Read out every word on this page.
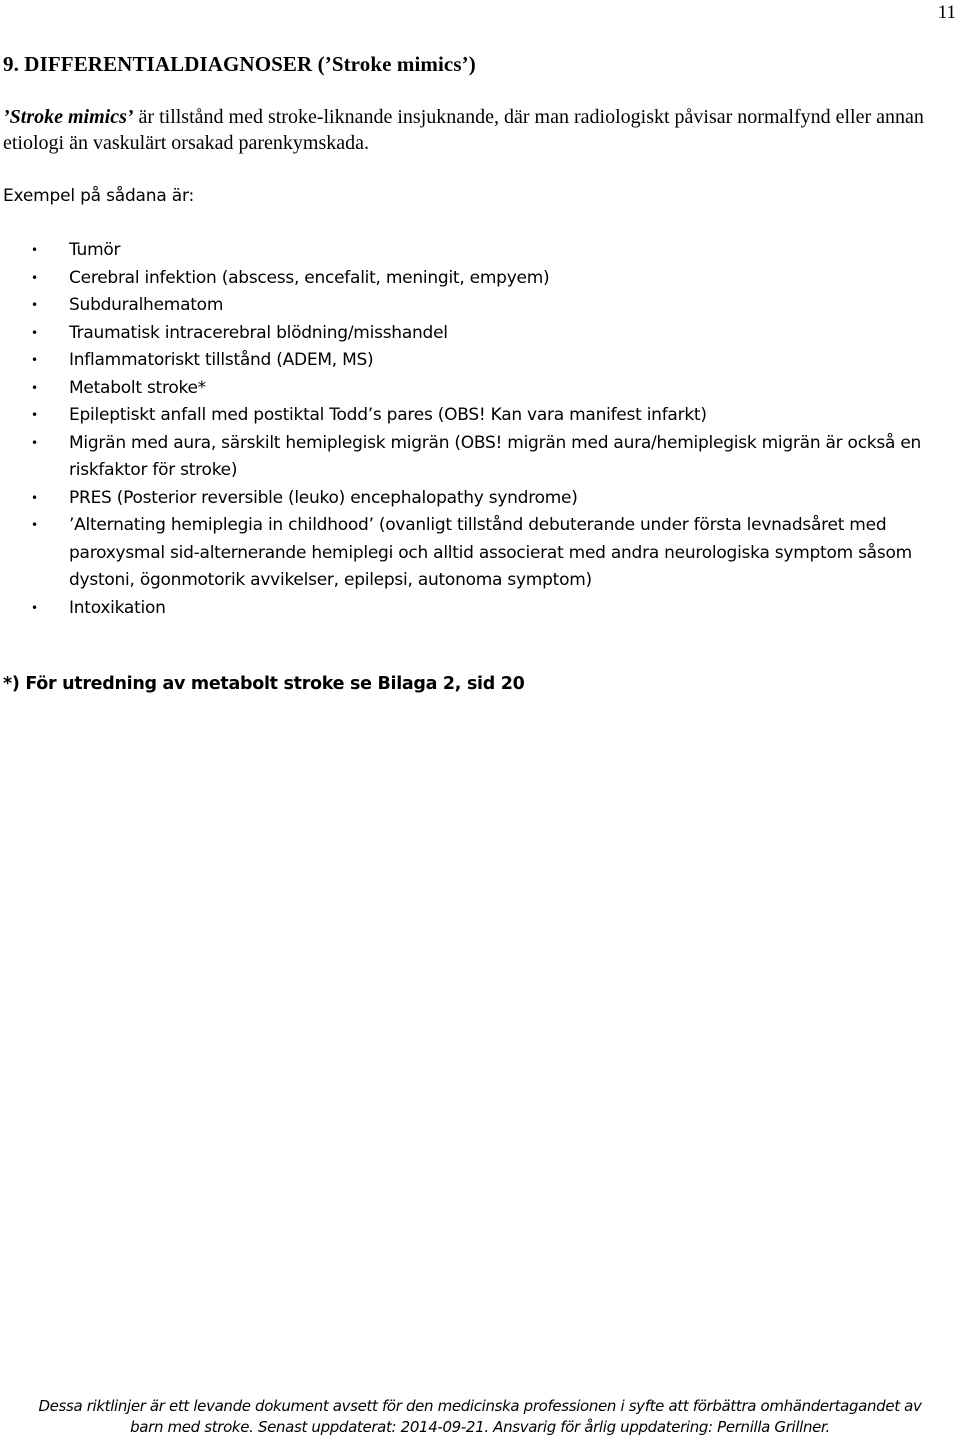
11
9. DIFFERENTIALDIAGNOSER (’Stroke mimics’)

’Stroke mimics’ är tillstånd med stroke-liknande insjuknande, där man radiologiskt påvisar normalfynd eller annan etiologi än vaskulärt orsakad parenkymskada.

Exempel på sådana är:

• Tumör
• Cerebral infektion (abscess, encefalit, meningit, empyem)
• Subduralhematom
• Traumatisk intracerebral blödning/misshandel
• Inflammatoriskt tillstånd (ADEM, MS)
• Metabolt stroke*
• Epileptiskt anfall med postiktal Todd’s pares (OBS! Kan vara manifest infarkt)
• Migrän med aura, särskilt hemiplegisk migrän (OBS! migrän med aura/hemiplegisk migrän är också en riskfaktor för stroke)
• PRES (Posterior reversible (leuko) encephalopathy syndrome)
• ’Alternating hemiplegia in childhood’ (ovanligt tillstånd debuterande under första levnadsåret med paroxysmal sid-alternerande hemiplegi och alltid associerat med andra neurologiska symptom såsom dystoni, ögonmotorik avvikelser, epilepsi, autonoma symptom)
• Intoxikation

*) För utredning av metabolt stroke se Bilaga 2, sid 20

Dessa riktlinjer är ett levande dokument avsett för den medicinska professionen i syfte att förbättra omhändertagandet av
barn med stroke. Senast uppdaterat: 2014-09-21. Ansvarig för årlig uppdatering: Pernilla Grillner.
